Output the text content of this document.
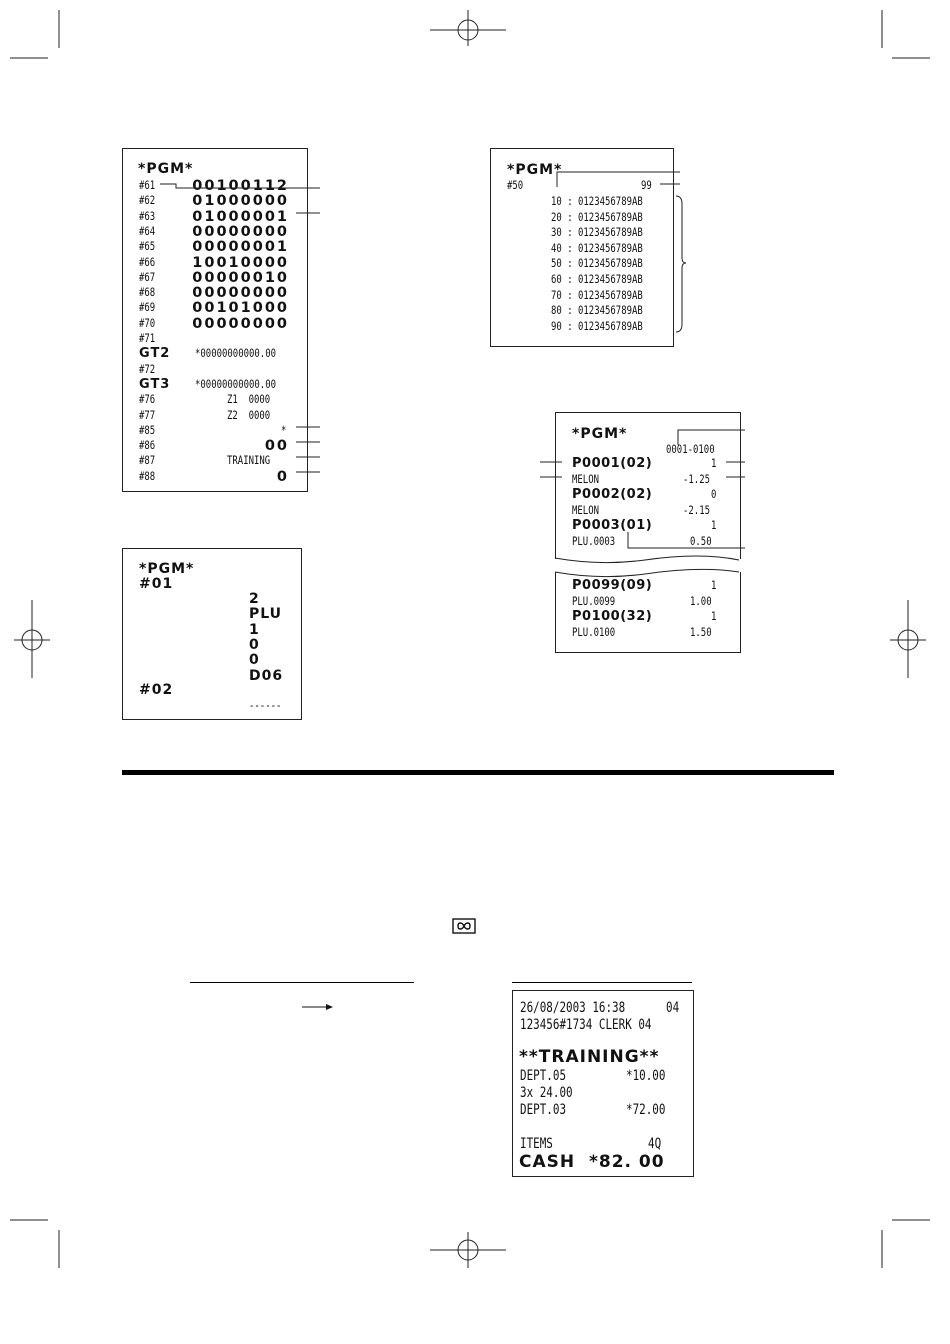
*PGM*
#61	00100112
#62	01000000
#63	01000001
#64	00000000
#65	00000001
#66	10010000
#67	00000010
#68	00000000
#69	00101000
#70	00000000
#71
GT2 *00000000000.00
#72
GT3 *00000000000.00
#76	Z1  0000
#77	Z2  0000
#85	*
#86	00
#87	TRAINING
#88	0
*PGM*
#50	99
10 : 0123456789AB
20 : 0123456789AB
30 : 0123456789AB
40 : 0123456789AB
50 : 0123456789AB
60 : 0123456789AB
70 : 0123456789AB
80 : 0123456789AB
90 : 0123456789AB
*PGM*
0001-0100
P0001(02)	1
MELON	-1.25
P0002(02)	0
MELON	-2.15
P0003(01)	1
PLU.0003	0.50
P0099(09)	1
PLU.0099	1.00
P0100(32)	1
PLU.0100	1.50
*PGM*
#01
2
PLU
1
0
0
D06
#02
------
26/08/2003 16:38	04
123456#1734 CLERK 04
**TRAINING**
DEPT.05	*10.00
3x 24.00
DEPT.03	*72.00
ITEMS	4Q
CASH *82. 00
